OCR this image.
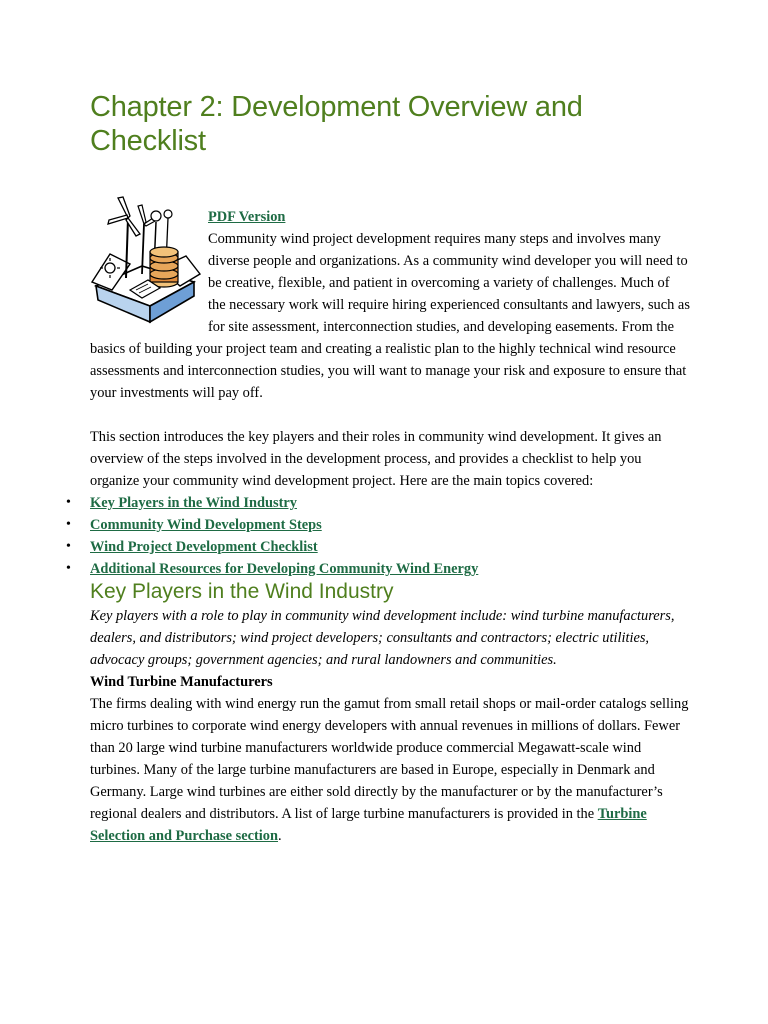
Chapter 2: Development Overview and Checklist
PDF Version

Community wind project development requires many steps and involves many diverse people and organizations. As a community wind developer you will need to be creative, flexible, and patient in overcoming a variety of challenges. Much of the necessary work will require hiring experienced consultants and lawyers, such as for site assessment, interconnection studies, and developing easements. From the basics of building your project team and creating a realistic plan to the highly technical wind resource assessments and interconnection studies, you will want to manage your risk and exposure to ensure that your investments will pay off.

This section introduces the key players and their roles in community wind development. It gives an overview of the steps involved in the development process, and provides a checklist to help you organize your community wind development project. Here are the main topics covered:

• Key Players in the Wind Industry
• Community Wind Development Steps
• Wind Project Development Checklist
• Additional Resources for Developing Community Wind Energy
Key Players in the Wind Industry

Key players with a role to play in community wind development include: wind turbine manufacturers, dealers, and distributors; wind project developers; consultants and contractors; electric utilities, advocacy groups; government agencies; and rural landowners and communities.

Wind Turbine Manufacturers

The firms dealing with wind energy run the gamut from small retail shops or mail-order catalogs selling micro turbines to corporate wind energy developers with annual revenues in millions of dollars. Fewer than 20 large wind turbine manufacturers worldwide produce commercial Megawatt-scale wind turbines. Many of the large turbine manufacturers are based in Europe, especially in Denmark and Germany. Large wind turbines are either sold directly by the manufacturer or by the manufacturer’s regional dealers and distributors. A list of large turbine manufacturers is provided in the Turbine Selection and Purchase section.
